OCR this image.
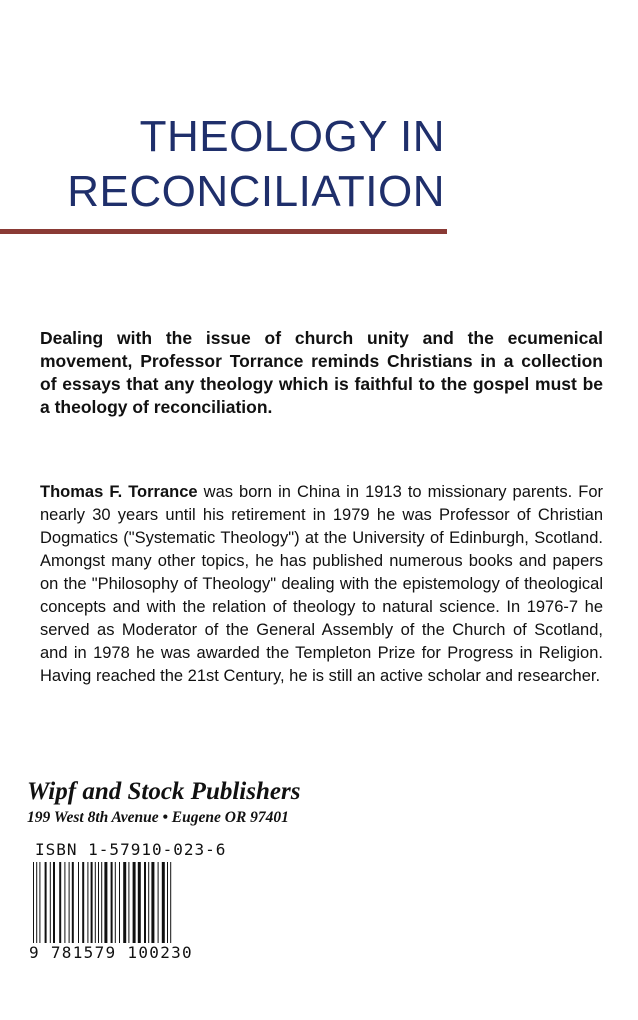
THEOLOGY IN
RECONCILIATION

Dealing with the issue of church unity and the ecumenical movement, Professor Torrance reminds Christians in a collection of essays that any theology which is faithful to the gospel must be a theology of reconciliation.

Thomas F. Torrance was born in China in 1913 to missionary parents. For nearly 30 years until his retirement in 1979 he was Professor of Christian Dogmatics ("Systematic Theology") at the University of Edinburgh, Scotland. Amongst many other topics, he has published numerous books and papers on the "Philosophy of Theology" dealing with the epistemology of theological concepts and with the relation of theology to natural science. In 1976-7 he served as Moderator of the General Assembly of the Church of Scotland, and in 1978 he was awarded the Templeton Prize for Progress in Religion. Having reached the 21st Century, he is still an active scholar and researcher.

Wipf and Stock Publishers
199 West 8th Avenue • Eugene OR 97401
ISBN 1-57910-023-6
9 781579 100230
